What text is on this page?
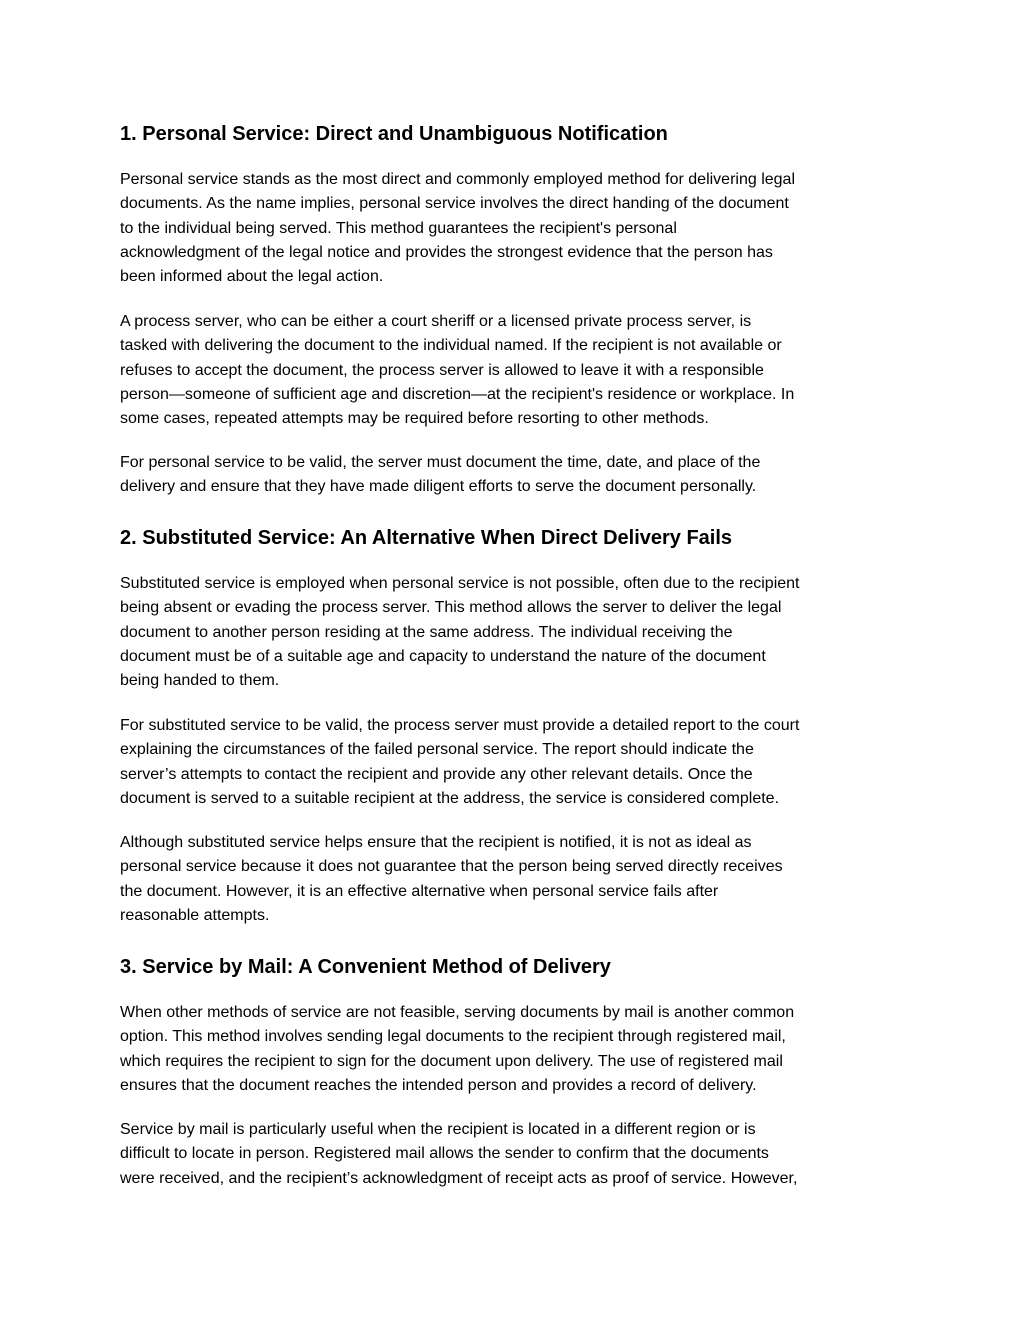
1. Personal Service: Direct and Unambiguous Notification

Personal service stands as the most direct and commonly employed method for delivering legal
documents. As the name implies, personal service involves the direct handing of the document
to the individual being served. This method guarantees the recipient's personal
acknowledgment of the legal notice and provides the strongest evidence that the person has
been informed about the legal action.

A process server, who can be either a court sheriff or a licensed private process server, is
tasked with delivering the document to the individual named. If the recipient is not available or
refuses to accept the document, the process server is allowed to leave it with a responsible
person—someone of sufficient age and discretion—at the recipient's residence or workplace. In
some cases, repeated attempts may be required before resorting to other methods.

For personal service to be valid, the server must document the time, date, and place of the
delivery and ensure that they have made diligent efforts to serve the document personally.

2. Substituted Service: An Alternative When Direct Delivery Fails

Substituted service is employed when personal service is not possible, often due to the recipient
being absent or evading the process server. This method allows the server to deliver the legal
document to another person residing at the same address. The individual receiving the
document must be of a suitable age and capacity to understand the nature of the document
being handed to them.

For substituted service to be valid, the process server must provide a detailed report to the court
explaining the circumstances of the failed personal service. The report should indicate the
server’s attempts to contact the recipient and provide any other relevant details. Once the
document is served to a suitable recipient at the address, the service is considered complete.

Although substituted service helps ensure that the recipient is notified, it is not as ideal as
personal service because it does not guarantee that the person being served directly receives
the document. However, it is an effective alternative when personal service fails after
reasonable attempts.

3. Service by Mail: A Convenient Method of Delivery

When other methods of service are not feasible, serving documents by mail is another common
option. This method involves sending legal documents to the recipient through registered mail,
which requires the recipient to sign for the document upon delivery. The use of registered mail
ensures that the document reaches the intended person and provides a record of delivery.

Service by mail is particularly useful when the recipient is located in a different region or is
difficult to locate in person. Registered mail allows the sender to confirm that the documents
were received, and the recipient’s acknowledgment of receipt acts as proof of service. However,
